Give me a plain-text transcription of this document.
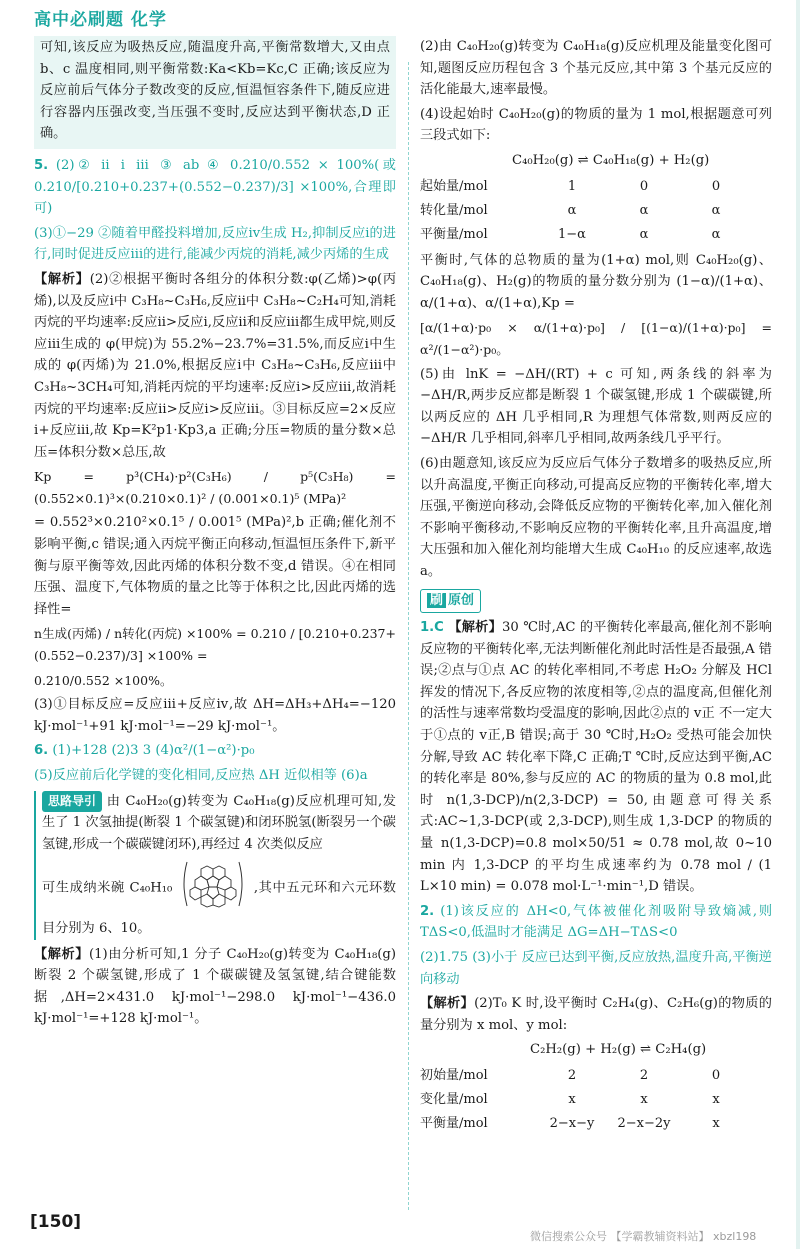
高中必刷题 化学

可知,该反应为吸热反应,随温度升高,平衡常数增大,又由点 b、c 温度相同,则平衡常数:Ka<Kb=Kc,C 正确;该反应为反应前后气体分子数改变的反应,恒温恒容条件下,随反应进行容器内压强改变,当压强不变时,反应达到平衡状态,D 正确。

5. (2)② ⅱ ⅰ ⅲ ③ ab ④ 0.210/0.552 × 100%(或 0.210/[0.210+0.237+(0.552−0.237)/3] ×100%,合理即可)

(3)①−29 ②随着甲醛投料增加,反应ⅳ生成 H₂,抑制反应ⅰ的进行,同时促进反应ⅲ的进行,能减少丙烷的消耗,减少丙烯的生成

【解析】(2)②根据平衡时各组分的体积分数:φ(乙烯)>φ(丙烯),以及反应ⅰ中 C₃H₈~C₃H₆,反应ⅱ中 C₃H₈~C₂H₄可知,消耗丙烷的平均速率:反应ⅱ>反应ⅰ,反应ⅱ和反应ⅲ都生成甲烷,则反应ⅲ生成的 φ(甲烷)为 55.2%−23.7%=31.5%,而反应ⅰ中生成的 φ(丙烯)为 21.0%,根据反应ⅰ中 C₃H₈~C₃H₆,反应ⅲ中 C₃H₈~3CH₄可知,消耗丙烷的平均速率:反应ⅰ>反应ⅲ,故消耗丙烷的平均速率:反应ⅱ>反应ⅰ>反应ⅲ。③目标反应=2×反应ⅰ+反应ⅲ,故 Kp=K²p1·Kp3,a 正确;分压=物质的量分数×总压=体积分数×总压,故

Kp = p³(CH₄)·p²(C₃H₆) / p⁵(C₃H₈) = (0.552×0.1)³×(0.210×0.1)² / (0.001×0.1)⁵ (MPa)²

= 0.552³×0.210²×0.1⁵ / 0.001⁵ (MPa)²,b 正确;催化剂不影响平衡,c 错误;通入丙烷平衡正向移动,恒温恒压条件下,新平衡与原平衡等效,因此丙烯的体积分数不变,d 错误。④在相同压强、温度下,气体物质的量之比等于体积之比,因此丙烯的选择性=

n生成(丙烯) / n转化(丙烷) ×100% = 0.210 / [0.210+0.237+(0.552−0.237)/3] ×100% =

0.210/0.552 ×100%。

(3)①目标反应=反应ⅲ+反应ⅳ,故 ΔH=ΔH₃+ΔH₄=−120 kJ·mol⁻¹+91 kJ·mol⁻¹=−29 kJ·mol⁻¹。

6. (1)+128 (2)3 3 (4)α²/(1−α²)·p₀

(5)反应前后化学键的变化相同,反应热 ΔH 近似相等 (6)a

思路导引 由 C₄₀H₂₀(g)转变为 C₄₀H₁₈(g)反应机理可知,发生了 1 次氢抽提(断裂 1 个碳氢键)和闭环脱氢(断裂另一个碳氢键,形成一个碳碳键闭环),再经过 4 次类似反应

可生成纳米碗 C₄₀H₁₀	,其中五元环和六元环数目分别为 6、10。

【解析】(1)由分析可知,1 分子 C₄₀H₂₀(g)转变为 C₄₀H₁₈(g)断裂 2 个碳氢键,形成了 1 个碳碳键及氢氢键,结合键能数据,ΔH=2×431.0 kJ·mol⁻¹−298.0 kJ·mol⁻¹−436.0 kJ·mol⁻¹=+128 kJ·mol⁻¹。

(2)由 C₄₀H₂₀(g)转变为 C₄₀H₁₈(g)反应机理及能量变化图可知,题图反应历程包含 3 个基元反应,其中第 3 个基元反应的活化能最大,速率最慢。

(4)设起始时 C₄₀H₂₀(g)的物质的量为 1 mol,根据题意可列三段式如下:

C₄₀H₂₀(g) ⇌ C₄₀H₁₈(g) + H₂(g)

起始量/mol	1	0	0
转化量/mol	α	α	α
平衡量/mol	1−α	α	α

平衡时,气体的总物质的量为(1+α) mol,则 C₄₀H₂₀(g)、C₄₀H₁₈(g)、H₂(g)的物质的量分数分别为 (1−α)/(1+α)、α/(1+α)、α/(1+α),Kp =

[α/(1+α)·p₀ × α/(1+α)·p₀] / [(1−α)/(1+α)·p₀] = α²/(1−α²)·p₀。

(5)由 lnK = −ΔH/(RT) + c 可知,两条线的斜率为 −ΔH/R,两步反应都是断裂 1 个碳氢键,形成 1 个碳碳键,所以两反应的 ΔH 几乎相同,R 为理想气体常数,则两反应的 −ΔH/R 几乎相同,斜率几乎相同,故两条线几乎平行。

(6)由题意知,该反应为反应后气体分子数增多的吸热反应,所以升高温度,平衡正向移动,可提高反应物的平衡转化率,增大压强,平衡逆向移动,会降低反应物的平衡转化率,加入催化剂不影响平衡移动,不影响反应物的平衡转化率,且升高温度,增大压强和加入催化剂均能增大生成 C₄₀H₁₀ 的反应速率,故选 a。

刷 原创

1.C 【解析】30 ℃时,AC 的平衡转化率最高,催化剂不影响反应物的平衡转化率,无法判断催化剂此时活性是否最强,A 错误;②点与①点 AC 的转化率相同,不考虑 H₂O₂ 分解及 HCl 挥发的情况下,各反应物的浓度相等,②点的温度高,但催化剂的活性与速率常数均受温度的影响,因此②点的 v正 不一定大于①点的 v正,B 错误;高于 30 ℃时,H₂O₂ 受热可能会加快分解,导致 AC 转化率下降,C 正确;T ℃时,反应达到平衡,AC 的转化率是 80%,参与反应的 AC 的物质的量为 0.8 mol,此时 n(1,3-DCP)/n(2,3-DCP) = 50,由题意可得关系式:AC~1,3-DCP(或 2,3-DCP),则生成 1,3-DCP 的物质的量 n(1,3-DCP)=0.8 mol×50/51 ≈ 0.78 mol,故 0~10 min 内 1,3-DCP 的平均生成速率约为 0.78 mol / (1 L×10 min) = 0.078 mol·L⁻¹·min⁻¹,D 错误。

2. (1)该反应的 ΔH<0,气体被催化剂吸附导致熵减,则 TΔS<0,低温时才能满足 ΔG=ΔH−TΔS<0

(2)1.75 (3)小于 反应已达到平衡,反应放热,温度升高,平衡逆向移动

【解析】(2)T₀ K 时,设平衡时 C₂H₄(g)、C₂H₆(g)的物质的量分别为 x mol、y mol:

C₂H₂(g) + H₂(g) ⇌ C₂H₄(g)

初始量/mol	2	2	0
变化量/mol	x	x	x
平衡量/mol	2−x−y	2−x−2y	x
[150]
微信搜索公众号 【学霸教辅资料站】 xbzl198
